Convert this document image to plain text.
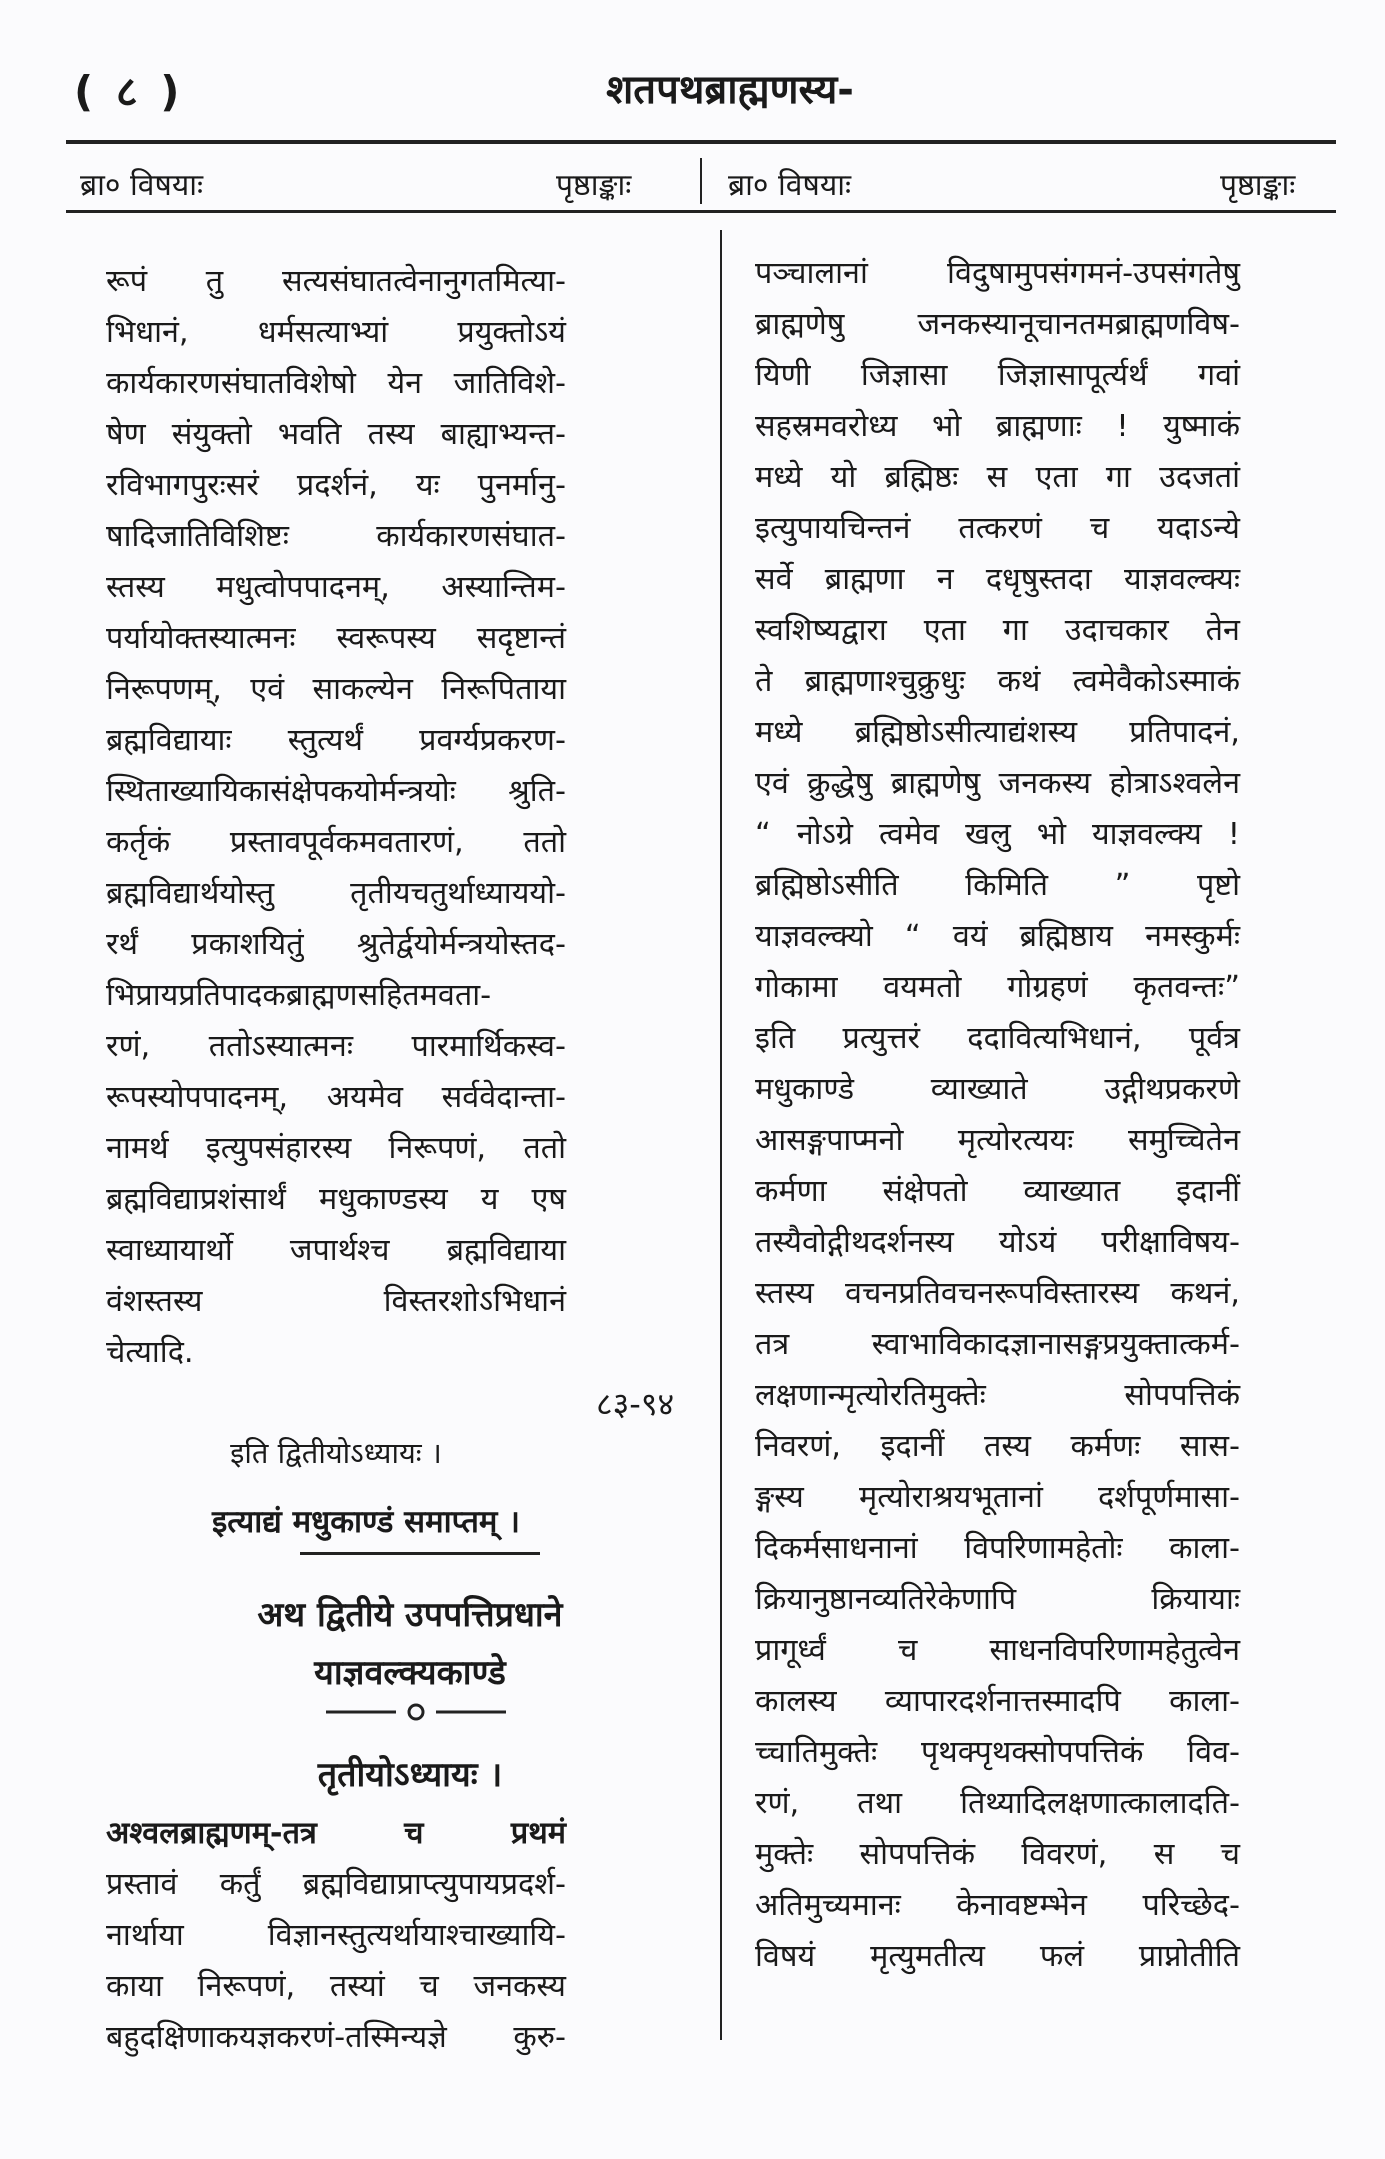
( ८ )	शतपथब्राह्मणस्य-
ब्रा० विषयाः	पृष्ठाङ्काः	ब्रा० विषयाः	पृष्ठाङ्काः
रूपं तु सत्यसंघातत्वेनानुगतमित्या-
भिधानं, धर्मसत्याभ्यां प्रयुक्तोऽयं
कार्यकारणसंघातविशेषो येन जातिविशे-
षेण संयुक्तो भवति तस्य बाह्याभ्यन्त-
रविभागपुरःसरं प्रदर्शनं, यः पुनर्मानु-
षादिजातिविशिष्टः कार्यकारणसंघात-
स्तस्य मधुत्वोपपादनम्, अस्यान्तिम-
पर्यायोक्तस्यात्मनः स्वरूपस्य सदृष्टान्तं
निरूपणम्, एवं साकल्येन निरूपिताया
ब्रह्मविद्यायाः स्तुत्यर्थं प्रवर्ग्यप्रकरण-
स्थिताख्यायिकासंक्षेपकयोर्मन्त्रयोः श्रुति-
कर्तृकं प्रस्तावपूर्वकमवतारणं, ततो
ब्रह्मविद्यार्थयोस्तु तृतीयचतुर्थाध्याययो-
रर्थं प्रकाशयितुं श्रुतेर्द्वयोर्मन्त्रयोस्तद-
भिप्रायप्रतिपादकब्राह्मणसहितमवता-
रणं, ततोऽस्यात्मनः पारमार्थिकस्व-
रूपस्योपपादनम्, अयमेव सर्ववेदान्ता-
नामर्थ इत्युपसंहारस्य निरूपणं, ततो
ब्रह्मविद्याप्रशंसार्थं मधुकाण्डस्य य एष
स्वाध्यायार्थो जपार्थश्च ब्रह्मविद्याया
वंशस्तस्य विस्तरशोऽभिधानं
चेत्यादि.
८३-९४
इति द्वितीयोऽध्यायः ।
इत्याद्यं मधुकाण्डं समाप्तम् ।
अथ द्वितीये उपपत्तिप्रधाने
याज्ञवल्क्यकाण्डे
तृतीयोऽध्यायः ।
अश्वलब्राह्मणम्-तत्र च प्रथमं
प्रस्तावं कर्तुं ब्रह्मविद्याप्राप्त्युपायप्रदर्श-
नार्थाया विज्ञानस्तुत्यर्थायाश्चाख्यायि-
काया निरूपणं, तस्यां च जनकस्य
बहुदक्षिणाकयज्ञकरणं-तस्मिन्यज्ञे कुरु-
पञ्चालानां विदुषामुपसंगमनं-उपसंगतेषु
ब्राह्मणेषु जनकस्यानूचानतमब्राह्मणविष-
यिणी जिज्ञासा जिज्ञासापूर्त्यर्थं गवां
सहस्रमवरोध्य भो ब्राह्मणाः ! युष्माकं
मध्ये यो ब्रह्मिष्ठः स एता गा उदजतां
इत्युपायचिन्तनं तत्करणं च यदाऽन्ये
सर्वे ब्राह्मणा न दधृषुस्तदा याज्ञवल्क्यः
स्वशिष्यद्वारा एता गा उदाचकार तेन
ते ब्राह्मणाश्चुक्रुधुः कथं त्वमेवैकोऽस्माकं
मध्ये ब्रह्मिष्ठोऽसीत्याद्यंशस्य प्रतिपादनं,
एवं क्रुद्धेषु ब्राह्मणेषु जनकस्य होत्राऽश्वलेन
“ नोऽग्रे त्वमेव खलु भो याज्ञवल्क्य !
ब्रह्मिष्ठोऽसीति किमिति ” पृष्टो
याज्ञवल्क्यो “ वयं ब्रह्मिष्ठाय नमस्कुर्मः
गोकामा वयमतो गोग्रहणं कृतवन्तः”
इति प्रत्युत्तरं ददावित्यभिधानं, पूर्वत्र
मधुकाण्डे व्याख्याते उद्गीथप्रकरणे
आसङ्गपाप्मनो मृत्योरत्ययः समुच्चितेन
कर्मणा संक्षेपतो व्याख्यात इदानीं
तस्यैवोद्गीथदर्शनस्य योऽयं परीक्षाविषय-
स्तस्य वचनप्रतिवचनरूपविस्तारस्य कथनं,
तत्र स्वाभाविकादज्ञानासङ्गप्रयुक्तात्कर्म-
लक्षणान्मृत्योरतिमुक्तेः सोपपत्तिकं
निवरणं, इदानीं तस्य कर्मणः सास-
ङ्गस्य मृत्योराश्रयभूतानां दर्शपूर्णमासा-
दिकर्मसाधनानां विपरिणामहेतोः काला-
क्रियानुष्ठानव्यतिरेकेणापि क्रियायाः
प्रागूर्ध्वं च साधनविपरिणामहेतुत्वेन
कालस्य व्यापारदर्शनात्तस्मादपि काला-
च्चातिमुक्तेः पृथक्पृथक्सोपपत्तिकं विव-
रणं, तथा तिथ्यादिलक्षणात्कालादति-
मुक्तेः सोपपत्तिकं विवरणं, स च
अतिमुच्यमानः केनावष्टम्भेन परिच्छेद-
विषयं मृत्युमतीत्य फलं प्राप्नोतीति
